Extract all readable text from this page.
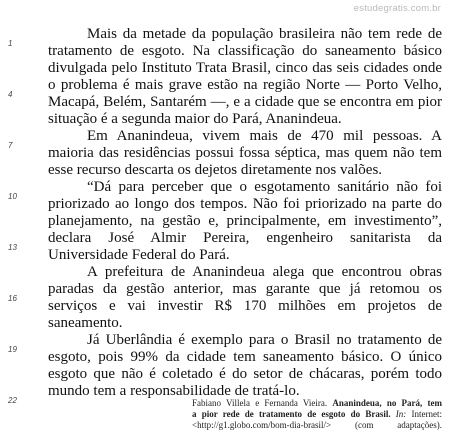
estudegratis.com.br
1
4
7
10
13
16
19
22
Mais da metade da população brasileira não tem rede de
tratamento de esgoto. Na classificação do saneamento básico
divulgada pelo Instituto Trata Brasil, cinco das seis cidades onde
o problema é mais grave estão na região Norte — Porto Velho,
Macapá, Belém, Santarém —, e a cidade que se encontra em pior
situação é a segunda maior do Pará, Ananindeua.
Em Ananindeua, vivem mais de 470 mil pessoas. A
maioria das residências possui fossa séptica, mas quem não tem
esse recurso descarta os dejetos diretamente nos valões.
“Dá para perceber que o esgotamento sanitário não foi
priorizado ao longo dos tempos. Não foi priorizado na parte do
planejamento, na gestão e, principalmente, em investimento”,
declara José Almir Pereira, engenheiro sanitarista da
Universidade Federal do Pará.
A prefeitura de Ananindeua alega que encontrou obras
paradas da gestão anterior, mas garante que já retomou os
serviços e vai investir R$ 170 milhões em projetos de
saneamento.
Já Uberlândia é exemplo para o Brasil no tratamento de
esgoto, pois 99% da cidade tem saneamento básico. O único
esgoto que não é coletado é do setor de chácaras, porém todo
mundo tem a responsabilidade de tratá-lo.
Fabiano Villela e Fernanda Vieira. Ananindeua, no Pará, tem
a pior rede de tratamento de esgoto do Brasil. In: Internet:
<http://g1.globo.com/bom-dia-brasil/>	(com adaptações).
